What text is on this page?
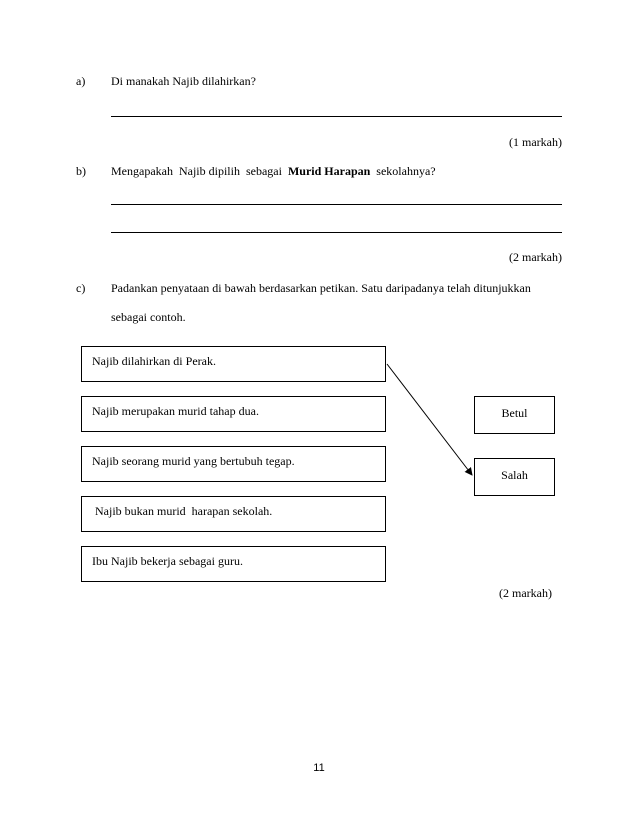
a) Di manakah Najib dilahirkan?
(1 markah)
b) Mengapakah  Najib dipilih  sebagai  Murid Harapan  sekolahnya?
(2 markah)
c) Padankan penyataan di bawah berdasarkan petikan. Satu daripadanya telah ditunjukkan
sebagai contoh.
Najib dilahirkan di Perak.
Najib merupakan murid tahap dua.
Najib seorang murid yang bertubuh tegap.
Najib bukan murid  harapan sekolah.
Ibu Najib bekerja sebagai guru.
Betul
Salah
(2 markah)
11
